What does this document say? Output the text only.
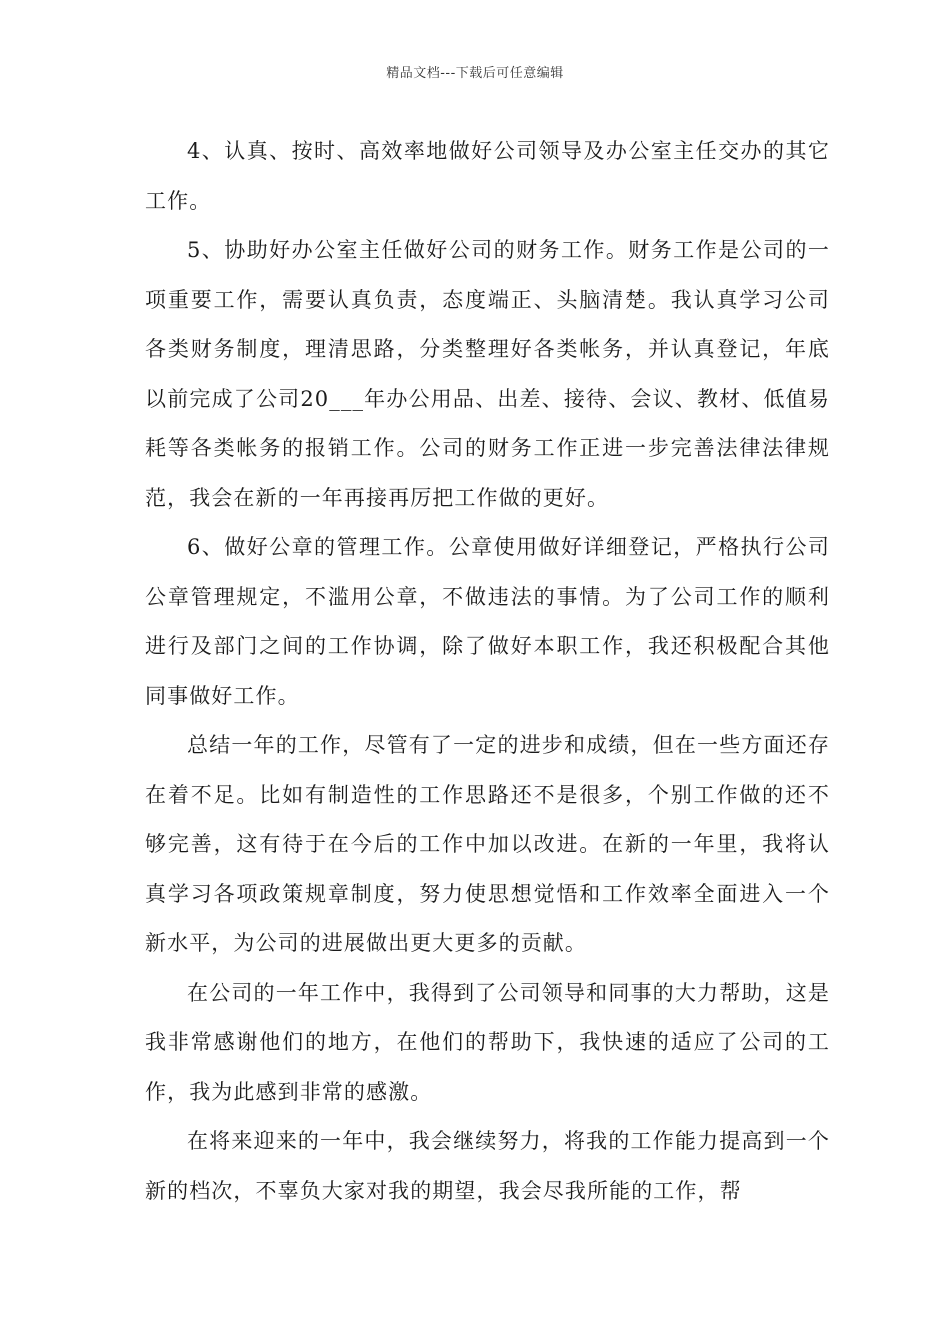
精品文档---下载后可任意编辑

4、认真、按时、高效率地做好公司领导及办公室主任交办的其它工作。

5、协助好办公室主任做好公司的财务工作。财务工作是公司的一项重要工作，需要认真负责，态度端正、头脑清楚。我认真学习公司各类财务制度，理清思路，分类整理好各类帐务，并认真登记，年底以前完成了公司20___年办公用品、出差、接待、会议、教材、低值易耗等各类帐务的报销工作。公司的财务工作正进一步完善法律法律规范，我会在新的一年再接再厉把工作做的更好。

6、做好公章的管理工作。公章使用做好详细登记，严格执行公司公章管理规定，不滥用公章，不做违法的事情。为了公司工作的顺利进行及部门之间的工作协调，除了做好本职工作，我还积极配合其他同事做好工作。

总结一年的工作，尽管有了一定的进步和成绩，但在一些方面还存在着不足。比如有制造性的工作思路还不是很多，个别工作做的还不够完善，这有待于在今后的工作中加以改进。在新的一年里，我将认真学习各项政策规章制度，努力使思想觉悟和工作效率全面进入一个新水平，为公司的进展做出更大更多的贡献。

在公司的一年工作中，我得到了公司领导和同事的大力帮助，这是我非常感谢他们的地方，在他们的帮助下，我快速的适应了公司的工作，我为此感到非常的感激。

在将来迎来的一年中，我会继续努力，将我的工作能力提高到一个新的档次，不辜负大家对我的期望，我会尽我所能的工作，帮
